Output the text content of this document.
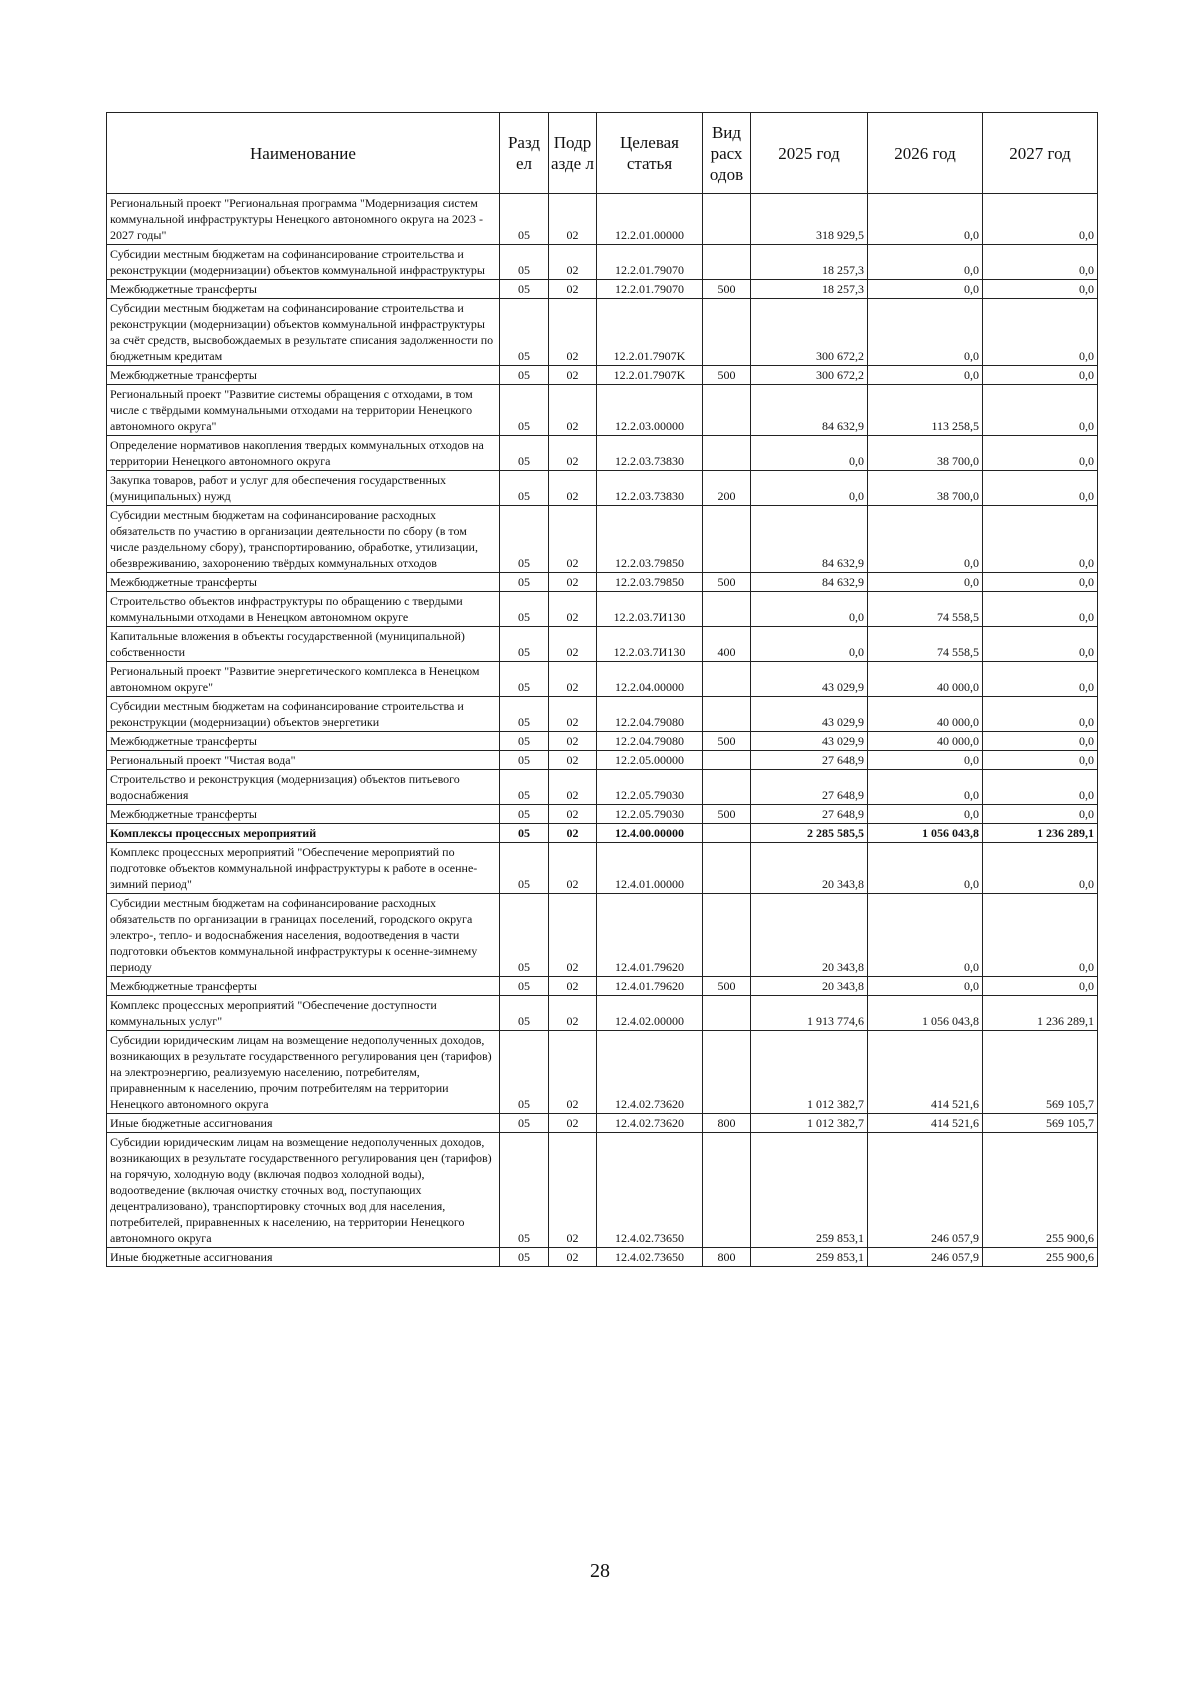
Наименование	Разд ел	Подр азде л	Целевая статья	Вид расх одов	2025 год	2026 год	2027 год
Региональный проект "Региональная программа "Модернизация систем коммунальной инфраструктуры Ненецкого автономного округа на 2023 - 2027 годы"	05	02	12.2.01.00000		318 929,5	0,0	0,0
Субсидии местным бюджетам на софинансирование строительства и реконструкции (модернизации) объектов коммунальной инфраструктуры	05	02	12.2.01.79070		18 257,3	0,0	0,0
Межбюджетные трансферты	05	02	12.2.01.79070	500	18 257,3	0,0	0,0
Субсидии местным бюджетам на софинансирование строительства и реконструкции (модернизации) объектов коммунальной инфраструктуры за счёт средств, высвобождаемых в результате списания задолженности по бюджетным кредитам	05	02	12.2.01.7907K		300 672,2	0,0	0,0
Межбюджетные трансферты	05	02	12.2.01.7907K	500	300 672,2	0,0	0,0
Региональный проект "Развитие системы обращения с отходами, в том числе с твёрдыми коммунальными отходами на территории Ненецкого автономного округа"	05	02	12.2.03.00000		84 632,9	113 258,5	0,0
Определение нормативов накопления твердых коммунальных отходов на территории Ненецкого автономного округа	05	02	12.2.03.73830		0,0	38 700,0	0,0
Закупка товаров, работ и услуг для обеспечения государственных (муниципальных) нужд	05	02	12.2.03.73830	200	0,0	38 700,0	0,0
Субсидии местным бюджетам на софинансирование расходных обязательств по участию в организации деятельности по сбору (в том числе раздельному сбору), транспортированию, обработке, утилизации, обезвреживанию, захоронению твёрдых коммунальных отходов	05	02	12.2.03.79850		84 632,9	0,0	0,0
Межбюджетные трансферты	05	02	12.2.03.79850	500	84 632,9	0,0	0,0
Строительство объектов инфраструктуры по обращению с твердыми коммунальными отходами в Ненецком автономном округе	05	02	12.2.03.7И130		0,0	74 558,5	0,0
Капитальные вложения в объекты государственной (муниципальной) собственности	05	02	12.2.03.7И130	400	0,0	74 558,5	0,0
Региональный проект "Развитие энергетического комплекса в Ненецком автономном округе"	05	02	12.2.04.00000		43 029,9	40 000,0	0,0
Субсидии местным бюджетам на софинансирование строительства и реконструкции (модернизации) объектов энергетики	05	02	12.2.04.79080		43 029,9	40 000,0	0,0
Межбюджетные трансферты	05	02	12.2.04.79080	500	43 029,9	40 000,0	0,0
Региональный проект "Чистая вода"	05	02	12.2.05.00000		27 648,9	0,0	0,0
Строительство и реконструкция (модернизация) объектов питьевого водоснабжения	05	02	12.2.05.79030		27 648,9	0,0	0,0
Межбюджетные трансферты	05	02	12.2.05.79030	500	27 648,9	0,0	0,0
Комплексы процессных мероприятий	05	02	12.4.00.00000		2 285 585,5	1 056 043,8	1 236 289,1
Комплекс процессных мероприятий "Обеспечение мероприятий по подготовке объектов коммунальной инфраструктуры к работе в осенне-зимний период"	05	02	12.4.01.00000		20 343,8	0,0	0,0
Субсидии местным бюджетам на софинансирование расходных обязательств по организации в границах поселений, городского округа электро-, тепло- и водоснабжения населения, водоотведения в части подготовки объектов коммунальной инфраструктуры к осенне-зимнему периоду	05	02	12.4.01.79620		20 343,8	0,0	0,0
Межбюджетные трансферты	05	02	12.4.01.79620	500	20 343,8	0,0	0,0
Комплекс процессных мероприятий "Обеспечение доступности коммунальных услуг"	05	02	12.4.02.00000		1 913 774,6	1 056 043,8	1 236 289,1
Субсидии юридическим лицам на возмещение недополученных доходов, возникающих в результате государственного регулирования цен (тарифов) на электроэнергию, реализуемую населению, потребителям, приравненным к населению, прочим потребителям на территории Ненецкого автономного округа	05	02	12.4.02.73620		1 012 382,7	414 521,6	569 105,7
Иные бюджетные ассигнования	05	02	12.4.02.73620	800	1 012 382,7	414 521,6	569 105,7
Субсидии юридическим лицам на возмещение недополученных доходов, возникающих в результате государственного регулирования цен (тарифов) на горячую, холодную воду (включая подвоз холодной воды), водоотведение (включая очистку сточных вод, поступающих децентрализовано), транспортировку сточных вод для населения, потребителей, приравненных к населению, на территории Ненецкого автономного округа	05	02	12.4.02.73650		259 853,1	246 057,9	255 900,6
Иные бюджетные ассигнования	05	02	12.4.02.73650	800	259 853,1	246 057,9	255 900,6
28
